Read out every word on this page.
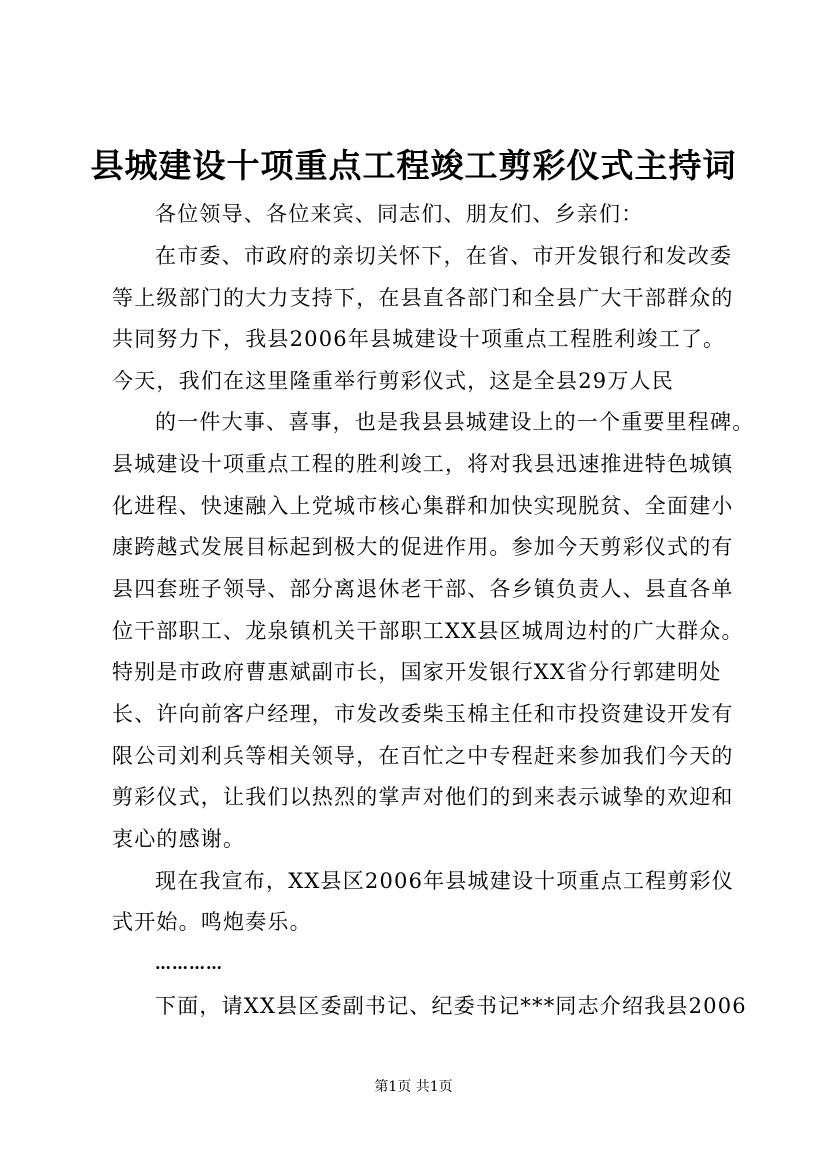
县城建设十项重点工程竣工剪彩仪式主持词
各位领导、各位来宾、同志们、朋友们、乡亲们：
在市委、市政府的亲切关怀下，在省、市开发银行和发改委
等上级部门的大力支持下，在县直各部门和全县广大干部群众的
共同努力下，我县2006年县城建设十项重点工程胜利竣工了。
今天，我们在这里隆重举行剪彩仪式，这是全县29万人民
的一件大事、喜事，也是我县县城建设上的一个重要里程碑。
县城建设十项重点工程的胜利竣工，将对我县迅速推进特色城镇
化进程、快速融入上党城市核心集群和加快实现脱贫、全面建小
康跨越式发展目标起到极大的促进作用。参加今天剪彩仪式的有
县四套班子领导、部分离退休老干部、各乡镇负责人、县直各单
位干部职工、龙泉镇机关干部职工XX县区城周边村的广大群众。
特别是市政府曹惠斌副市长，国家开发银行XX省分行郭建明处
长、许向前客户经理，市发改委柴玉棉主任和市投资建设开发有
限公司刘利兵等相关领导，在百忙之中专程赶来参加我们今天的
剪彩仪式，让我们以热烈的掌声对他们的到来表示诚挚的欢迎和
衷心的感谢。
现在我宣布，XX县区2006年县城建设十项重点工程剪彩仪
式开始。鸣炮奏乐。
…………
下面，请XX县区委副书记、纪委书记***同志介绍我县2006
第1页 共1页
